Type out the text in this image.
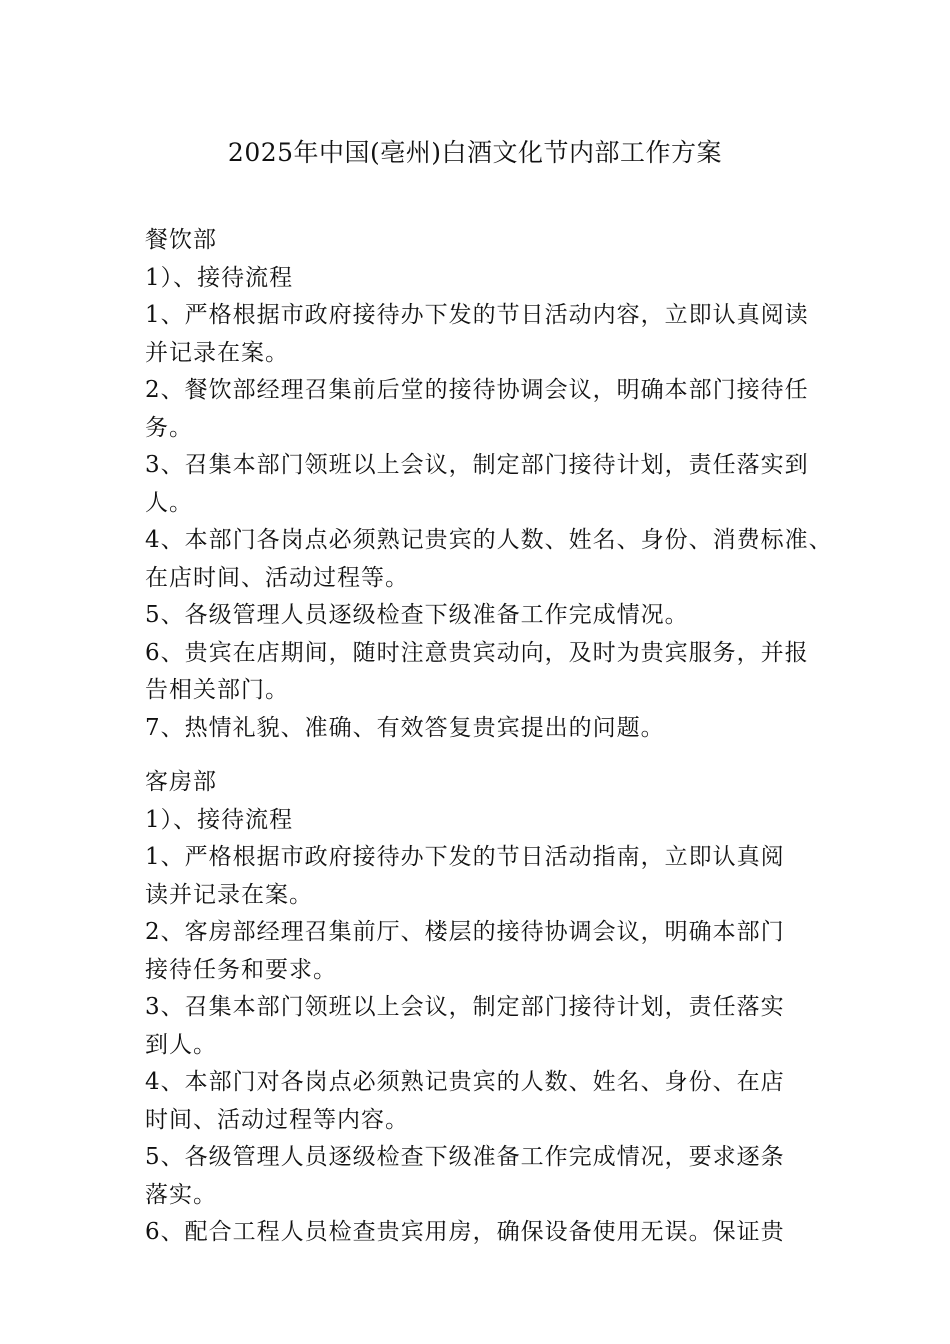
2025年中国(亳州)白酒文化节内部工作方案
餐饮部
1）、接待流程
1、严格根据市政府接待办下发的节日活动内容，立即认真阅读
并记录在案。
2、餐饮部经理召集前后堂的接待协调会议，明确本部门接待任
务。
3、召集本部门领班以上会议，制定部门接待计划，责任落实到
人。
4、本部门各岗点必须熟记贵宾的人数、姓名、身份、消费标准、
在店时间、活动过程等。
5、各级管理人员逐级检查下级准备工作完成情况。
6、贵宾在店期间，随时注意贵宾动向，及时为贵宾服务，并报
告相关部门。
7、热情礼貌、准确、有效答复贵宾提出的问题。
客房部
1）、接待流程
1、严格根据市政府接待办下发的节日活动指南，立即认真阅
读并记录在案。
2、客房部经理召集前厅、楼层的接待协调会议，明确本部门
接待任务和要求。
3、召集本部门领班以上会议，制定部门接待计划，责任落实
到人。
4、本部门对各岗点必须熟记贵宾的人数、姓名、身份、在店
时间、活动过程等内容。
5、各级管理人员逐级检查下级准备工作完成情况，要求逐条
落实。
6、配合工程人员检查贵宾用房，确保设备使用无误。保证贵
